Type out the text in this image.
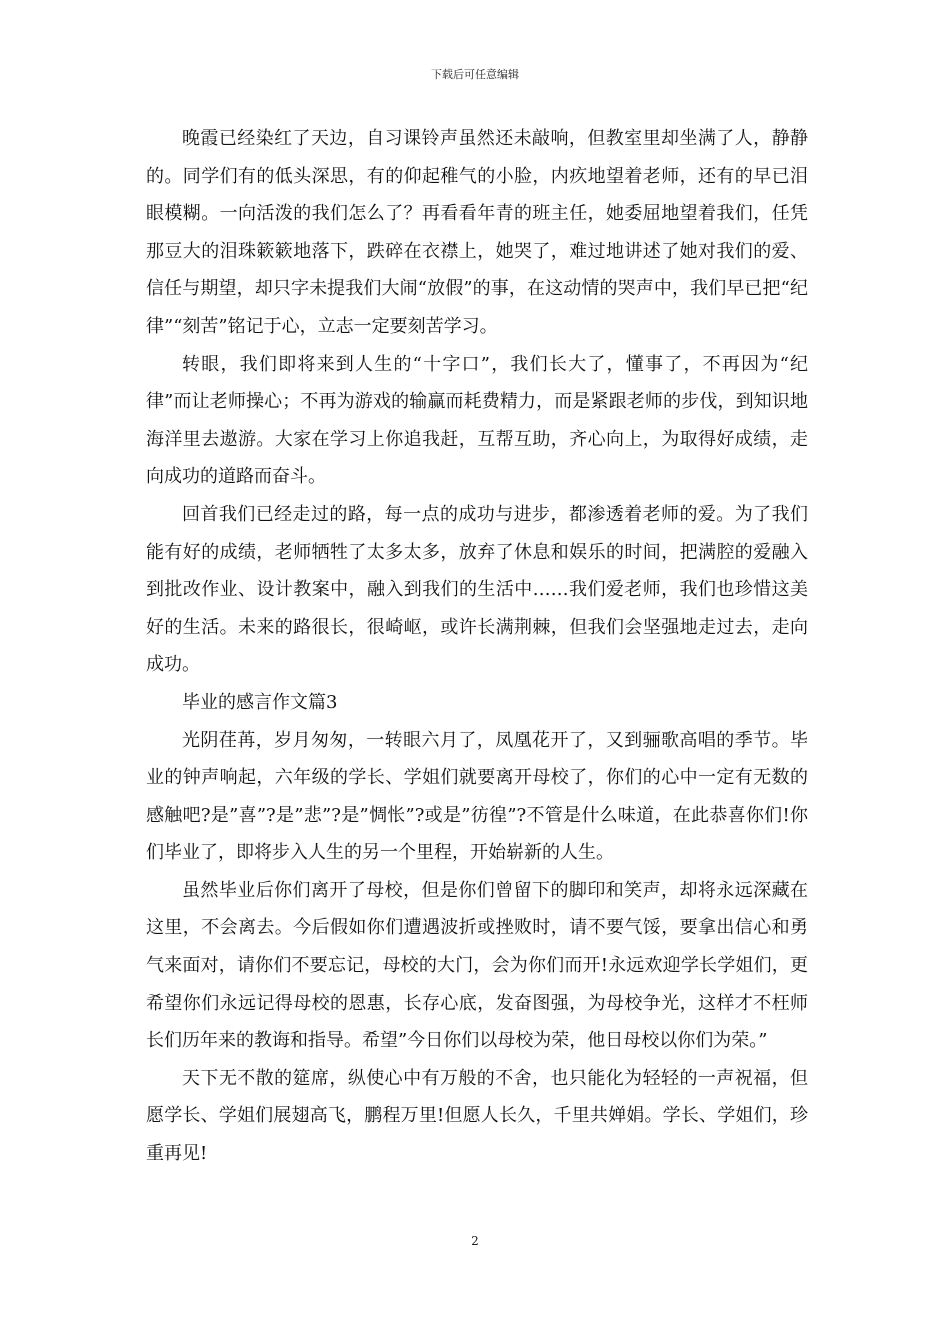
下载后可任意编辑

晚霞已经染红了天边，自习课铃声虽然还未敲响，但教室里却坐满了人，静静的。同学们有的低头深思，有的仰起稚气的小脸，内疚地望着老师，还有的早已泪眼模糊。一向活泼的我们怎么了？再看看年青的班主任，她委屈地望着我们，任凭那豆大的泪珠簌簌地落下，跌碎在衣襟上，她哭了，难过地讲述了她对我们的爱、信任与期望，却只字未提我们大闹“放假”的事，在这动情的哭声中，我们早已把“纪律”“刻苦”铭记于心，立志一定要刻苦学习。

转眼，我们即将来到人生的“十字口”，我们长大了，懂事了，不再因为“纪律”而让老师操心；不再为游戏的输赢而耗费精力，而是紧跟老师的步伐，到知识地海洋里去遨游。大家在学习上你追我赶，互帮互助，齐心向上，为取得好成绩，走向成功的道路而奋斗。

回首我们已经走过的路，每一点的成功与进步，都渗透着老师的爱。为了我们能有好的成绩，老师牺牲了太多太多，放弃了休息和娱乐的时间，把满腔的爱融入到批改作业、设计教案中，融入到我们的生活中……我们爱老师，我们也珍惜这美好的生活。未来的路很长，很崎岖，或许长满荆棘，但我们会坚强地走过去，走向成功。

毕业的感言作文篇3

光阴荏苒，岁月匆匆，一转眼六月了，凤凰花开了，又到骊歌高唱的季节。毕业的钟声响起，六年级的学长、学姐们就要离开母校了，你们的心中一定有无数的感触吧?是”喜”?是”悲”?是”惆怅”?或是”彷徨”?不管是什么味道，在此恭喜你们!你们毕业了，即将步入人生的另一个里程，开始崭新的人生。

虽然毕业后你们离开了母校，但是你们曾留下的脚印和笑声，却将永远深藏在这里，不会离去。今后假如你们遭遇波折或挫败时，请不要气馁，要拿出信心和勇气来面对，请你们不要忘记，母校的大门，会为你们而开!永远欢迎学长学姐们，更希望你们永远记得母校的恩惠，长存心底，发奋图强，为母校争光，这样才不枉师长们历年来的教诲和指导。希望”今日你们以母校为荣，他日母校以你们为荣。”

天下无不散的筵席，纵使心中有万般的不舍，也只能化为轻轻的一声祝福，但愿学长、学姐们展翅高飞，鹏程万里!但愿人长久，千里共婵娟。学长、学姐们，珍重再见!

2
